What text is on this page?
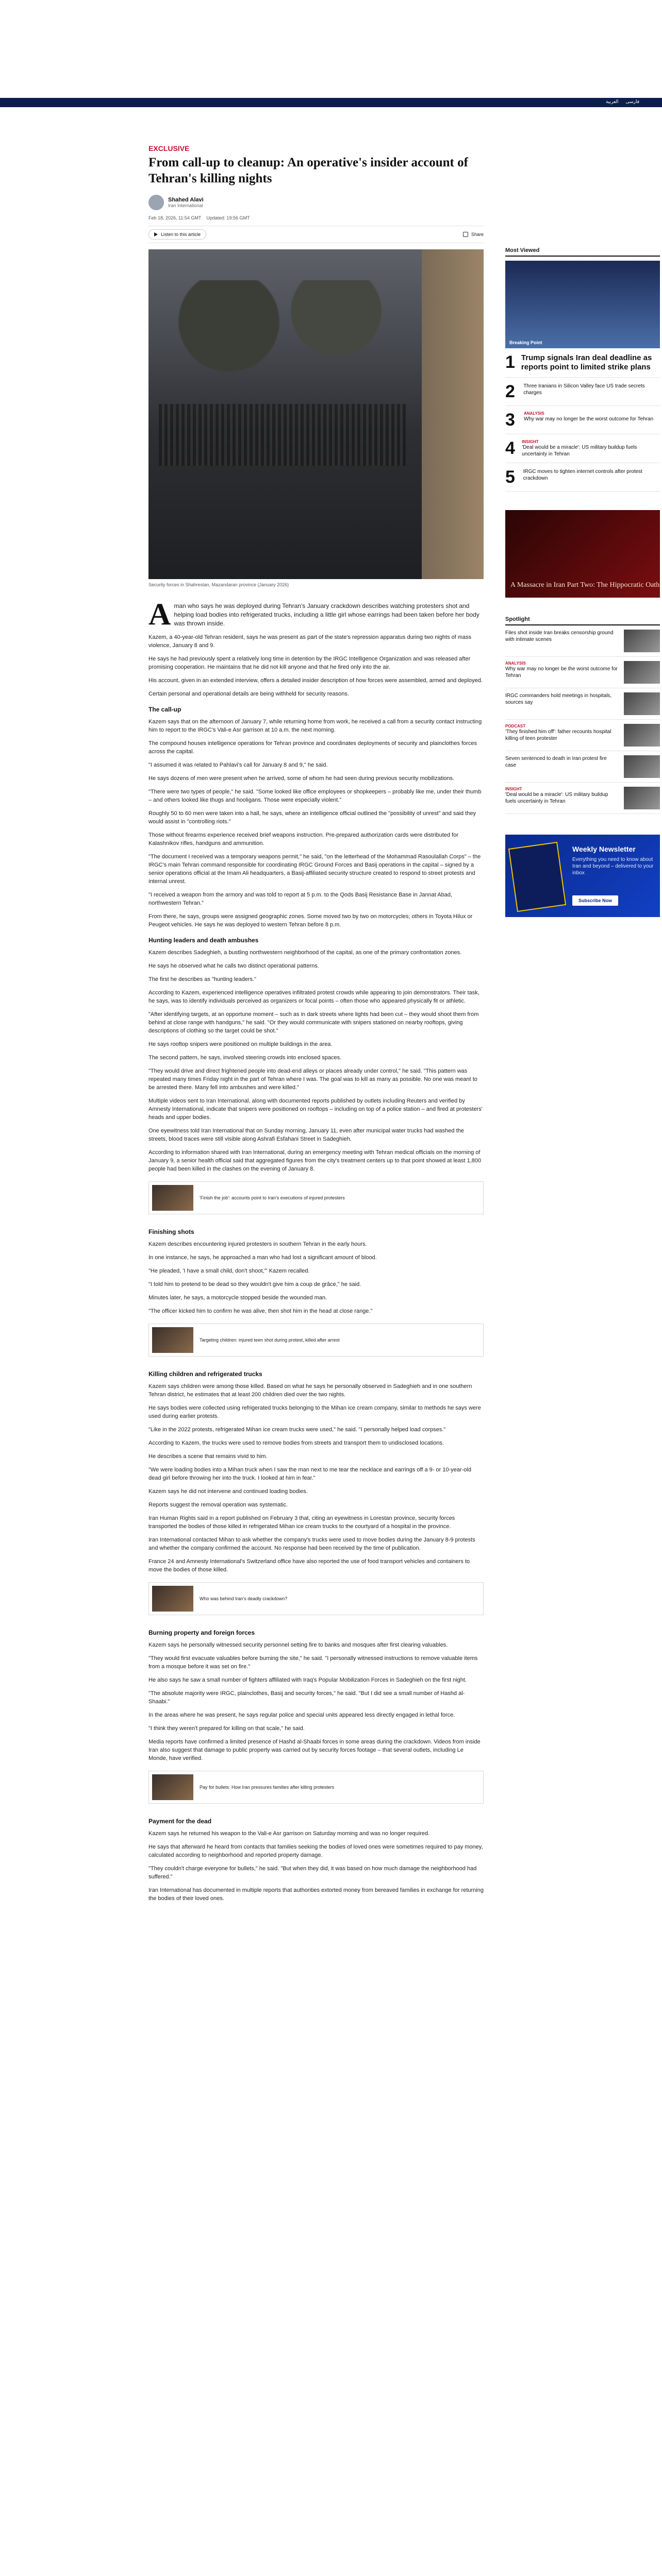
العربية فارسی
EXCLUSIVE
From call-up to cleanup: An operative's insider account of Tehran's killing nights
Shahed Alavi
Iran International
Feb 18, 2026, 11:54 GMT Updated: 19:56 GMT
Listen to this article	Share
Security forces in Shahrestan, Mazandaran province (January 2026)

A man who says he was deployed during Tehran's January crackdown describes watching protesters shot and helping load bodies into refrigerated trucks, including a little girl whose earrings had been taken before her body was thrown inside.

Kazem, a 40-year-old Tehran resident, says he was present as part of the state's repression apparatus during two nights of mass violence, January 8 and 9.

He says he had previously spent a relatively long time in detention by the IRGC Intelligence Organization and was released after promising cooperation. He maintains that he did not kill anyone and that he fired only into the air.

His account, given in an extended interview, offers a detailed insider description of how forces were assembled, armed and deployed.

Certain personal and operational details are being withheld for security reasons.

The call-up

Kazem says that on the afternoon of January 7, while returning home from work, he received a call from a security contact instructing him to report to the IRGC's Vali-e Asr garrison at 10 a.m. the next morning.

The compound houses intelligence operations for Tehran province and coordinates deployments of security and plainclothes forces across the capital.

"I assumed it was related to Pahlavi's call for January 8 and 9," he said.

He says dozens of men were present when he arrived, some of whom he had seen during previous security mobilizations.

"There were two types of people," he said. "Some looked like office employees or shopkeepers – probably like me, under their thumb – and others looked like thugs and hooligans. Those were especially violent."

Roughly 50 to 60 men were taken into a hall, he says, where an intelligence official outlined the "possibility of unrest" and said they would assist in "controlling riots."

Those without firearms experience received brief weapons instruction. Pre-prepared authorization cards were distributed for Kalashnikov rifles, handguns and ammunition.

"The document I received was a temporary weapons permit," he said, "on the letterhead of the Mohammad Rasoulallah Corps" – the IRGC's main Tehran command responsible for coordinating IRGC Ground Forces and Basij operations in the capital – signed by a senior operations official at the Imam Ali headquarters, a Basij-affiliated security structure created to respond to street protests and internal unrest.

"I received a weapon from the armory and was told to report at 5 p.m. to the Qods Basij Resistance Base in Jannat Abad, northwestern Tehran."

From there, he says, groups were assigned geographic zones. Some moved two by two on motorcycles; others in Toyota Hilux or Peugeot vehicles. He says he was deployed to western Tehran before 8 p.m.

Hunting leaders and death ambushes

Kazem describes Sadeghieh, a bustling northwestern neighborhood of the capital, as one of the primary confrontation zones.

He says he observed what he calls two distinct operational patterns.

The first he describes as "hunting leaders."

According to Kazem, experienced intelligence operatives infiltrated protest crowds while appearing to join demonstrators. Their task, he says, was to identify individuals perceived as organizers or focal points – often those who appeared physically fit or athletic.

"After identifying targets, at an opportune moment – such as in dark streets where lights had been cut – they would shoot them from behind at close range with handguns," he said. "Or they would communicate with snipers stationed on nearby rooftops, giving descriptions of clothing so the target could be shot."

He says rooftop snipers were positioned on multiple buildings in the area.

The second pattern, he says, involved steering crowds into enclosed spaces.

"They would drive and direct frightened people into dead-end alleys or places already under control," he said. "This pattern was repeated many times Friday night in the part of Tehran where I was. The goal was to kill as many as possible. No one was meant to be arrested there. Many fell into ambushes and were killed."

Multiple videos sent to Iran International, along with documented reports published by outlets including Reuters and verified by Amnesty International, indicate that snipers were positioned on rooftops – including on top of a police station – and fired at protesters' heads and upper bodies.

One eyewitness told Iran International that on Sunday morning, January 11, even after municipal water trucks had washed the streets, blood traces were still visible along Ashrafi Esfahani Street in Sadeghieh.

According to information shared with Iran International, during an emergency meeting with Tehran medical officials on the morning of January 9, a senior health official said that aggregated figures from the city's treatment centers up to that point showed at least 1,800 people had been killed in the clashes on the evening of January 8.

'Finish the job': accounts point to Iran's executions of injured protesters
Finishing shots

Kazem describes encountering injured protesters in southern Tehran in the early hours.

In one instance, he says, he approached a man who had lost a significant amount of blood.

"He pleaded, 'I have a small child, don't shoot,'" Kazem recalled.

"I told him to pretend to be dead so they wouldn't give him a coup de grâce," he said.

Minutes later, he says, a motorcycle stopped beside the wounded man.

"The officer kicked him to confirm he was alive, then shot him in the head at close range."

Targeting children: injured teen shot during protest, killed after arrest
Killing children and refrigerated trucks

Kazem says children were among those killed. Based on what he says he personally observed in Sadeghieh and in one southern Tehran district, he estimates that at least 200 children died over the two nights.

He says bodies were collected using refrigerated trucks belonging to the Mihan ice cream company, similar to methods he says were used during earlier protests.

"Like in the 2022 protests, refrigerated Mihan ice cream trucks were used," he said. "I personally helped load corpses."

According to Kazem, the trucks were used to remove bodies from streets and transport them to undisclosed locations.

He describes a scene that remains vivid to him.

"We were loading bodies into a Mihan truck when I saw the man next to me tear the necklace and earrings off a 9- or 10-year-old dead girl before throwing her into the truck. I looked at him in fear."

Kazem says he did not intervene and continued loading bodies.

Reports suggest the removal operation was systematic.

Iran Human Rights said in a report published on February 3 that, citing an eyewitness in Lorestan province, security forces transported the bodies of those killed in refrigerated Mihan ice cream trucks to the courtyard of a hospital in the province.

Iran International contacted Mihan to ask whether the company's trucks were used to move bodies during the January 8-9 protests and whether the company confirmed the account. No response had been received by the time of publication.

France 24 and Amnesty International's Switzerland office have also reported the use of food transport vehicles and containers to move the bodies of those killed.

Who was behind Iran's deadly crackdown?
Burning property and foreign forces

Kazem says he personally witnessed security personnel setting fire to banks and mosques after first clearing valuables.

"They would first evacuate valuables before burning the site," he said. "I personally witnessed instructions to remove valuable items from a mosque before it was set on fire."

He also says he saw a small number of fighters affiliated with Iraq's Popular Mobilization Forces in Sadeghieh on the first night.

"The absolute majority were IRGC, plainclothes, Basij and security forces," he said. "But I did see a small number of Hashd al-Shaabi."

In the areas where he was present, he says regular police and special units appeared less directly engaged in lethal force.

"I think they weren't prepared for killing on that scale," he said.

Media reports have confirmed a limited presence of Hashd al-Shaabi forces in some areas during the crackdown. Videos from inside Iran also suggest that damage to public property was carried out by security forces footage – that several outlets, including Le Monde, have verified.

Pay for bullets: How Iran pressures families after killing protesters
Payment for the dead

Kazem says he returned his weapon to the Vali-e Asr garrison on Saturday morning and was no longer required.

He says that afterward he heard from contacts that families seeking the bodies of loved ones were sometimes required to pay money, calculated according to neighborhood and reported property damage.

"They couldn't charge everyone for bullets," he said. "But when they did, it was based on how much damage the neighborhood had suffered."

Iran International has documented in multiple reports that authorities extorted money from bereaved families in exchange for returning the bodies of their loved ones.

Most Viewed
Breaking Point
1 Trump signals Iran deal deadline as reports point to limited strike plans
2	Three Iranians in Silicon Valley face US trade secrets charges
3	ANALYSIS
Why war may no longer be the worst outcome for Tehran
4 INSIGHT
'Deal would be a miracle': US military buildup fuels uncertainty in Tehran
5	IRGC moves to tighten internet controls after protest crackdown
A Massacre in Iran Part Two: The Hippocratic Oath
Spotlight
Files shot inside Iran breaks censorship ground with intimate scenes
ANALYSIS
Why war may no longer be the worst outcome for Tehran
IRGC commanders hold meetings in hospitals, sources say
PODCAST
'They finished him off': father recounts hospital killing of teen protester
Seven sentenced to death in Iran protest fire case
INSIGHT
'Deal would be a miracle': US military buildup fuels uncertainty in Tehran
Weekly Newsletter
Everything you need to know about Iran and beyond – delivered to your inbox
Subscribe Now
